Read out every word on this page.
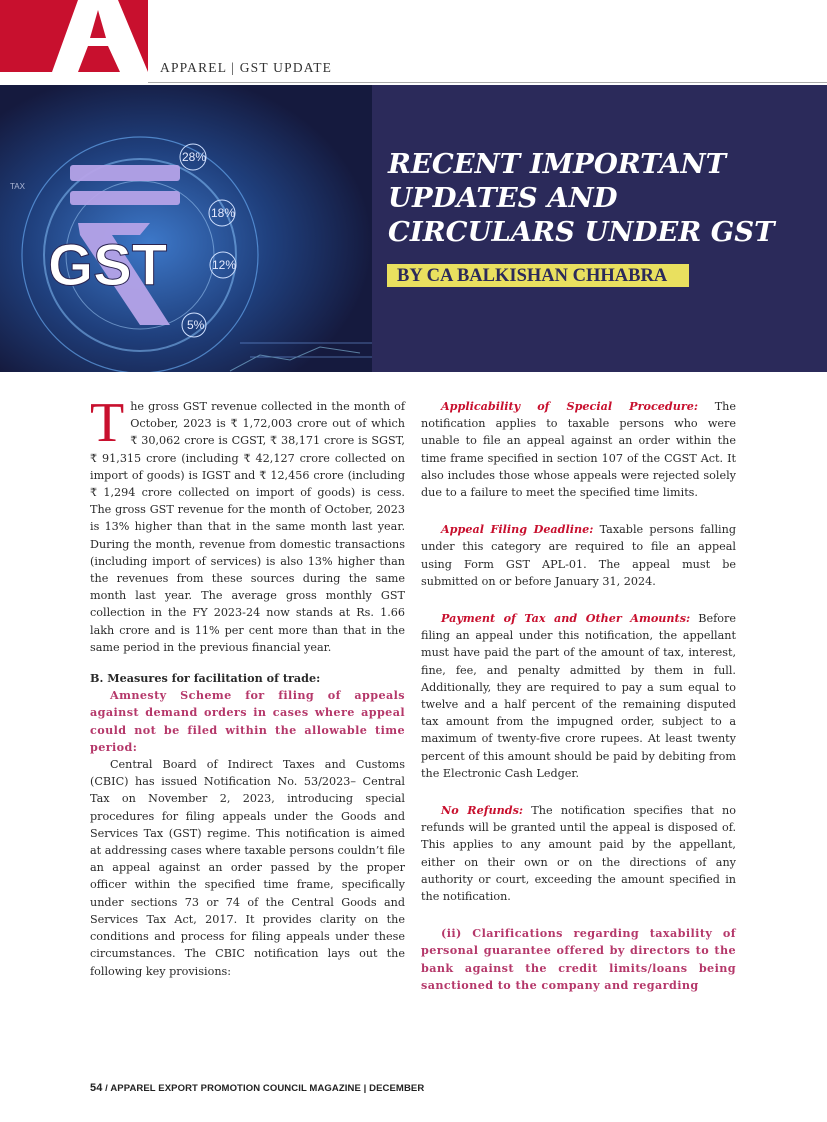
APPAREL | GST UPDATE
GST
28%
18%
12%
5%
TAX
RECENT IMPORTANT UPDATES AND CIRCULARS UNDER GST
BY CA BALKISHAN CHHABRA

The gross GST revenue collected in the month of October, 2023 is ₹ 1,72,003 crore out of which ₹ 30,062 crore is CGST, ₹ 38,171 crore is SGST, ₹ 91,315 crore (including ₹ 42,127 crore collected on import of goods) is IGST and ₹ 12,456 crore (including ₹ 1,294 crore collected on import of goods) is cess. The gross GST revenue for the month of October, 2023 is 13% higher than that in the same month last year. During the month, revenue from domestic transactions (including import of services) is also 13% higher than the revenues from these sources during the same month last year. The average gross monthly GST collection in the FY 2023-24 now stands at Rs. 1.66 lakh crore and is 11% per cent more than that in the same period in the previous financial year.

B. Measures for facilitation of trade:

Amnesty Scheme for filing of appeals against demand orders in cases where appeal could not be filed within the allowable time period:

Central Board of Indirect Taxes and Customs (CBIC) has issued Notification No. 53/2023– Central Tax on November 2, 2023, introducing special procedures for filing appeals under the Goods and Services Tax (GST) regime. This notification is aimed at addressing cases where taxable persons couldn’t file an appeal against an order passed by the proper officer within the specified time frame, specifically under sections 73 or 74 of the Central Goods and Services Tax Act, 2017. It provides clarity on the conditions and process for filing appeals under these circumstances. The CBIC notification lays out the following key provisions:

Applicability of Special Procedure: The notification applies to taxable persons who were unable to file an appeal against an order within the time frame specified in section 107 of the CGST Act. It also includes those whose appeals were rejected solely due to a failure to meet the specified time limits.

Appeal Filing Deadline: Taxable persons falling under this category are required to file an appeal using Form GST APL-01. The appeal must be submitted on or before January 31, 2024.

Payment of Tax and Other Amounts: Before filing an appeal under this notification, the appellant must have paid the part of the amount of tax, interest, fine, fee, and penalty admitted by them in full. Additionally, they are required to pay a sum equal to twelve and a half percent of the remaining disputed tax amount from the impugned order, subject to a maximum of twenty-five crore rupees. At least twenty percent of this amount should be paid by debiting from the Electronic Cash Ledger.

No Refunds: The notification specifies that no refunds will be granted until the appeal is disposed of. This applies to any amount paid by the appellant, either on their own or on the directions of any authority or court, exceeding the amount specified in the notification.

(ii) Clarifications regarding taxability of personal guarantee offered by directors to the bank against the credit limits/loans being sanctioned to the company and regarding

54 / APPAREL EXPORT PROMOTION COUNCIL MAGAZINE | DECEMBER
